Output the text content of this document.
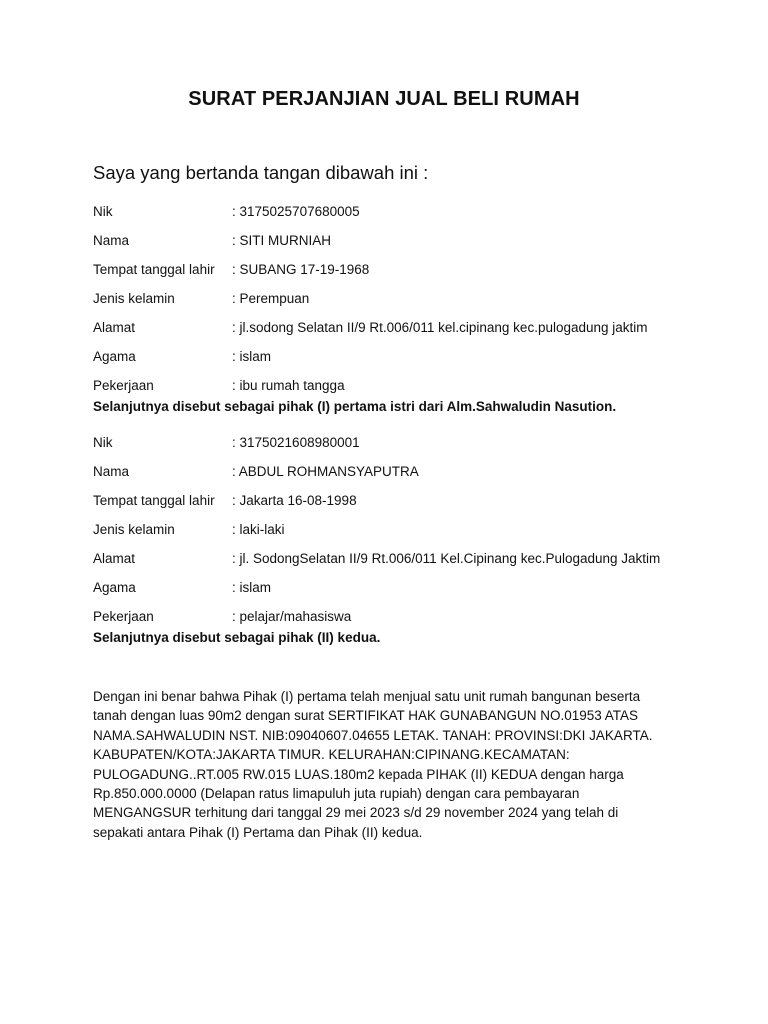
SURAT PERJANJIAN JUAL BELI RUMAH
Saya yang bertanda tangan dibawah ini :
Nik	: 3175025707680005
Nama	: SITI MURNIAH
Tempat tanggal lahir	: SUBANG 17-19-1968
Jenis kelamin	: Perempuan
Alamat	: jl.sodong Selatan II/9 Rt.006/011 kel.cipinang kec.pulogadung jaktim
Agama	: islam
Pekerjaan	: ibu rumah tangga
Selanjutnya disebut sebagai pihak (I) pertama istri dari Alm.Sahwaludin Nasution.
Nik	: 3175021608980001
Nama	: ABDUL ROHMANSYAPUTRA
Tempat tanggal lahir	: Jakarta 16-08-1998
Jenis kelamin	: laki-laki
Alamat	: jl. SodongSelatan II/9 Rt.006/011 Kel.Cipinang kec.Pulogadung Jaktim
Agama	: islam
Pekerjaan	: pelajar/mahasiswa
Selanjutnya disebut sebagai pihak (II) kedua.
Dengan ini benar bahwa Pihak (I) pertama telah menjual satu unit rumah bangunan beserta
tanah dengan luas 90m2 dengan surat SERTIFIKAT HAK GUNABANGUN NO.01953 ATAS
NAMA.SAHWALUDIN NST. NIB:09040607.04655 LETAK. TANAH: PROVINSI:DKI JAKARTA.
KABUPATEN/KOTA:JAKARTA TIMUR. KELURAHAN:CIPINANG.KECAMATAN:
PULOGADUNG..RT.005 RW.015 LUAS.180m2 kepada PIHAK (II) KEDUA dengan harga
Rp.850.000.0000 (Delapan ratus limapuluh juta rupiah) dengan cara pembayaran
MENGANGSUR terhitung dari tanggal 29 mei 2023 s/d 29 november 2024 yang telah di
sepakati antara Pihak (I) Pertama dan Pihak (II) kedua.
